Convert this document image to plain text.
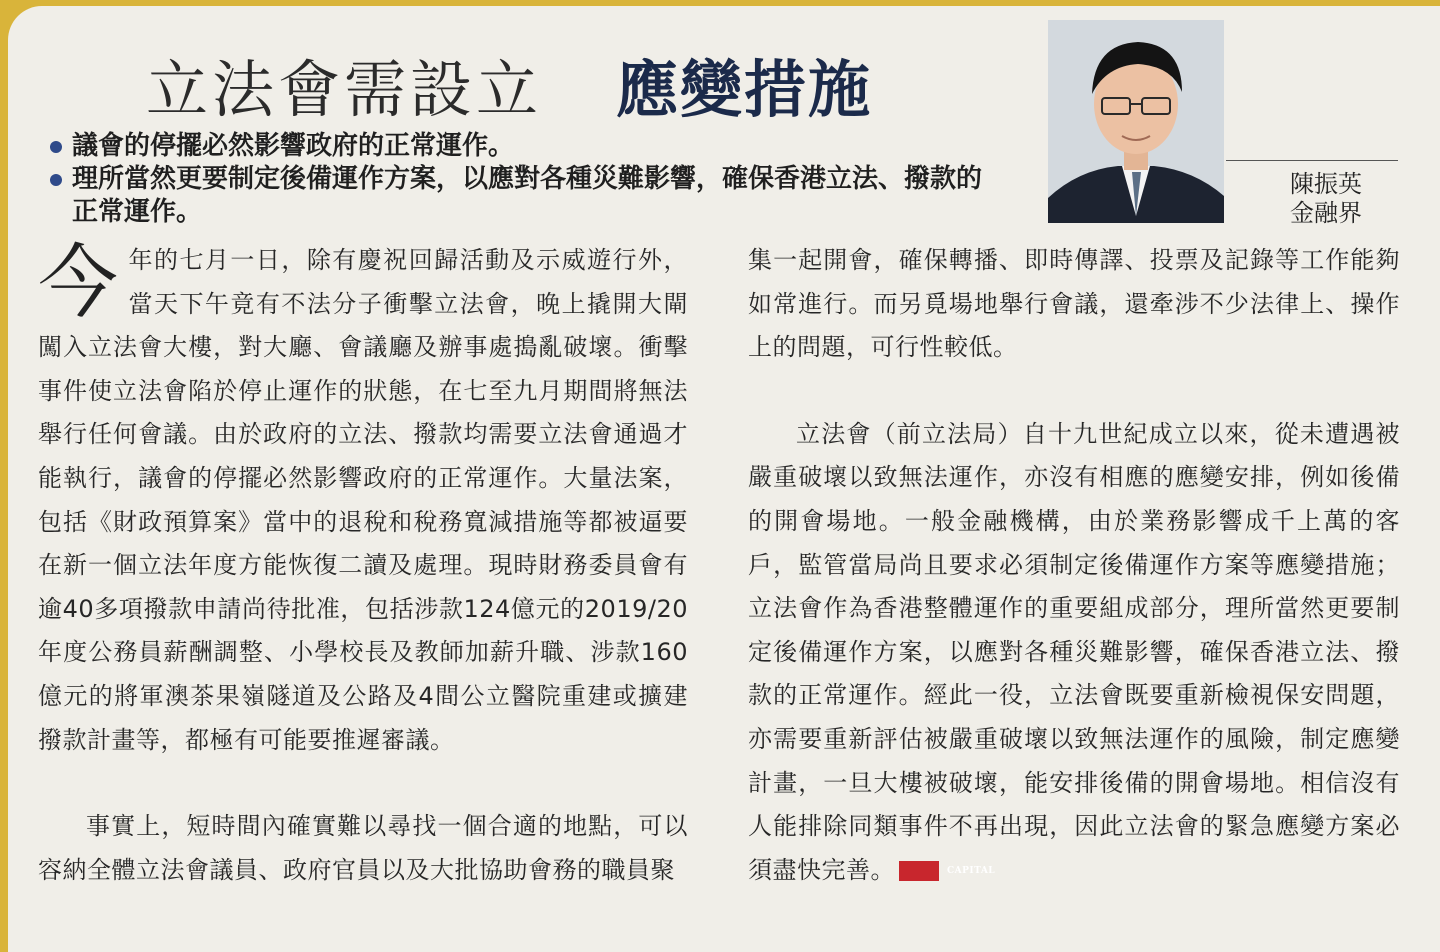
立法會需設立 應變措施
議會的停擺必然影響政府的正常運作。
理所當然更要制定後備運作方案，以應對各種災難影響，確保香港立法、撥款的正常運作。
陳振英
金融界

今年的七月一日，除有慶祝回歸活動及示威遊行外，當天下午竟有不法分子衝擊立法會，晚上撬開大閘闖入立法會大樓，對大廳、會議廳及辦事處搗亂破壞。衝擊事件使立法會陷於停止運作的狀態，在七至九月期間將無法舉行任何會議。由於政府的立法、撥款均需要立法會通過才能執行，議會的停擺必然影響政府的正常運作。大量法案，包括《財政預算案》當中的退稅和稅務寬減措施等都被逼要在新一個立法年度方能恢復二讀及處理。現時財務委員會有逾40多項撥款申請尚待批准，包括涉款124億元的2019/20年度公務員薪酬調整、小學校長及教師加薪升職、涉款160億元的將軍澳茶果嶺隧道及公路及4間公立醫院重建或擴建撥款計畫等，都極有可能要推遲審議。

事實上，短時間內確實難以尋找一個合適的地點，可以容納全體立法會議員、政府官員以及大批協助會務的職員聚

集一起開會，確保轉播、即時傳譯、投票及記錄等工作能夠如常進行。而另覓場地舉行會議，還牽涉不少法律上、操作上的問題，可行性較低。

立法會（前立法局）自十九世紀成立以來，從未遭遇被嚴重破壞以致無法運作，亦沒有相應的應變安排，例如後備的開會場地。一般金融機構，由於業務影響成千上萬的客戶，監管當局尚且要求必須制定後備運作方案等應變措施；立法會作為香港整體運作的重要組成部分，理所當然更要制定後備運作方案，以應對各種災難影響，確保香港立法、撥款的正常運作。經此一役，立法會既要重新檢視保安問題，亦需要重新評估被嚴重破壞以致無法運作的風險，制定應變計畫，一旦大樓被破壞，能安排後備的開會場地。相信沒有人能排除同類事件不再出現，因此立法會的緊急應變方案必須盡快完善。	CAPITAL
